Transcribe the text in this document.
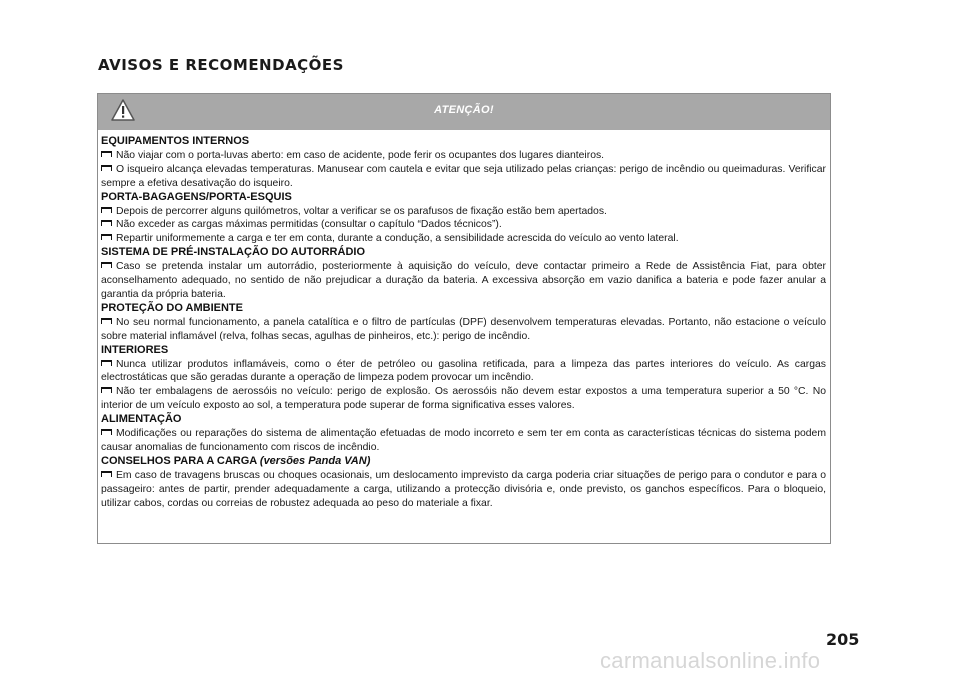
AVISOS E RECOMENDAÇÕES
ATENÇÃO!
EQUIPAMENTOS INTERNOS

Não viajar com o porta-luvas aberto: em caso de acidente, pode ferir os ocupantes dos lugares dianteiros.

O isqueiro alcança elevadas temperaturas. Manusear com cautela e evitar que seja utilizado pelas crianças: perigo de incêndio ou queimaduras. Verificar sempre a efetiva desativação do isqueiro.

PORTA-BAGAGENS/PORTA-ESQUIS

Depois de percorrer alguns quilómetros, voltar a verificar se os parafusos de fixação estão bem apertados.

Não exceder as cargas máximas permitidas (consultar o capítulo “Dados técnicos”).

Repartir uniformemente a carga e ter em conta, durante a condução, a sensibilidade acrescida do veículo ao vento lateral.

SISTEMA DE PRÉ-INSTALAÇÃO DO AUTORRÁDIO

Caso se pretenda instalar um autorrádio, posteriormente à aquisição do veículo, deve contactar primeiro a Rede de Assistência Fiat, para obter aconselhamento adequado, no sentido de não prejudicar a duração da bateria. A excessiva absorção em vazio danifica a bateria e pode fazer anular a garantia da própria bateria.

PROTEÇÃO DO AMBIENTE

No seu normal funcionamento, a panela catalítica e o filtro de partículas (DPF) desenvolvem temperaturas elevadas. Portanto, não estacione o veículo sobre material inflamável (relva, folhas secas, agulhas de pinheiros, etc.): perigo de incêndio.

INTERIORES

Nunca utilizar produtos inflamáveis, como o éter de petróleo ou gasolina retificada, para a limpeza das partes interiores do veículo. As cargas electrostáticas que são geradas durante a operação de limpeza podem provocar um incêndio.

Não ter embalagens de aerossóis no veículo: perigo de explosão. Os aerossóis não devem estar expostos a uma temperatura superior a 50 °C. No interior de um veículo exposto ao sol, a temperatura pode superar de forma significativa esses valores.

ALIMENTAÇÃO

Modificações ou reparações do sistema de alimentação efetuadas de modo incorreto e sem ter em conta as características técnicas do sistema podem causar anomalias de funcionamento com riscos de incêndio.

CONSELHOS PARA A CARGA (versões Panda VAN)

Em caso de travagens bruscas ou choques ocasionais, um deslocamento imprevisto da carga poderia criar situações de perigo para o condutor e para o passageiro: antes de partir, prender adequadamente a carga, utilizando a protecção divisória e, onde previsto, os ganchos específicos. Para o bloqueio, utilizar cabos, cordas ou correias de robustez adequada ao peso do materiale a fixar.

205
carmanualsonline.info
